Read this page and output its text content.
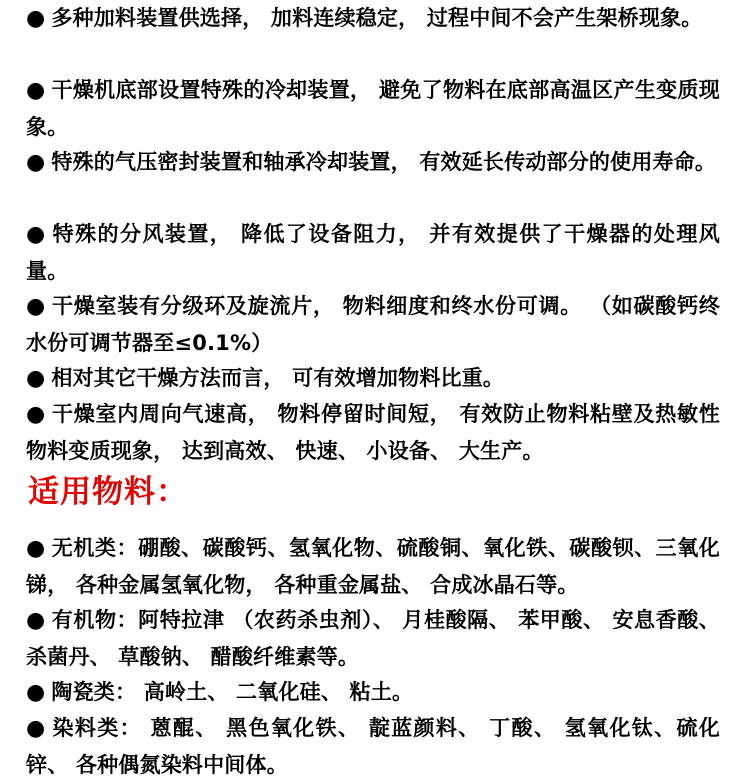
● 多种加料装置供选择， 加料连续稳定， 过程中间不会产生架桥现象。

● 干燥机底部设置特殊的冷却装置， 避免了物料在底部高温区产生变质现象。

● 特殊的气压密封装置和轴承冷却装置， 有效延长传动部分的使用寿命。

● 特殊的分风装置， 降低了设备阻力， 并有效提供了干燥器的处理风量。

● 干燥室装有分级环及旋流片， 物料细度和终水份可调。 （如碳酸钙终水份可调节器至≤0.1%）

● 相对其它干燥方法而言， 可有效增加物料比重。

● 干燥室内周向气速高， 物料停留时间短， 有效防止物料粘壁及热敏性物料变质现象， 达到高效、 快速、 小设备、 大生产。

适用物料：

● 无机类：硼酸、碳酸钙、氢氧化物、硫酸铜、氧化铁、碳酸钡、三氧化锑， 各种金属氢氧化物， 各种重金属盐、 合成冰晶石等。

● 有机物：阿特拉津 （农药杀虫剂）、 月桂酸隔、 苯甲酸、 安息香酸、 杀菌丹、 草酸钠、 醋酸纤维素等。

● 陶瓷类： 高岭土、 二氧化硅、 粘土。

● 染料类： 蒽醌、 黑色氧化铁、 靛蓝颜料、 丁酸、 氢氧化钛、硫化锌、 各种偶氮染料中间体。
